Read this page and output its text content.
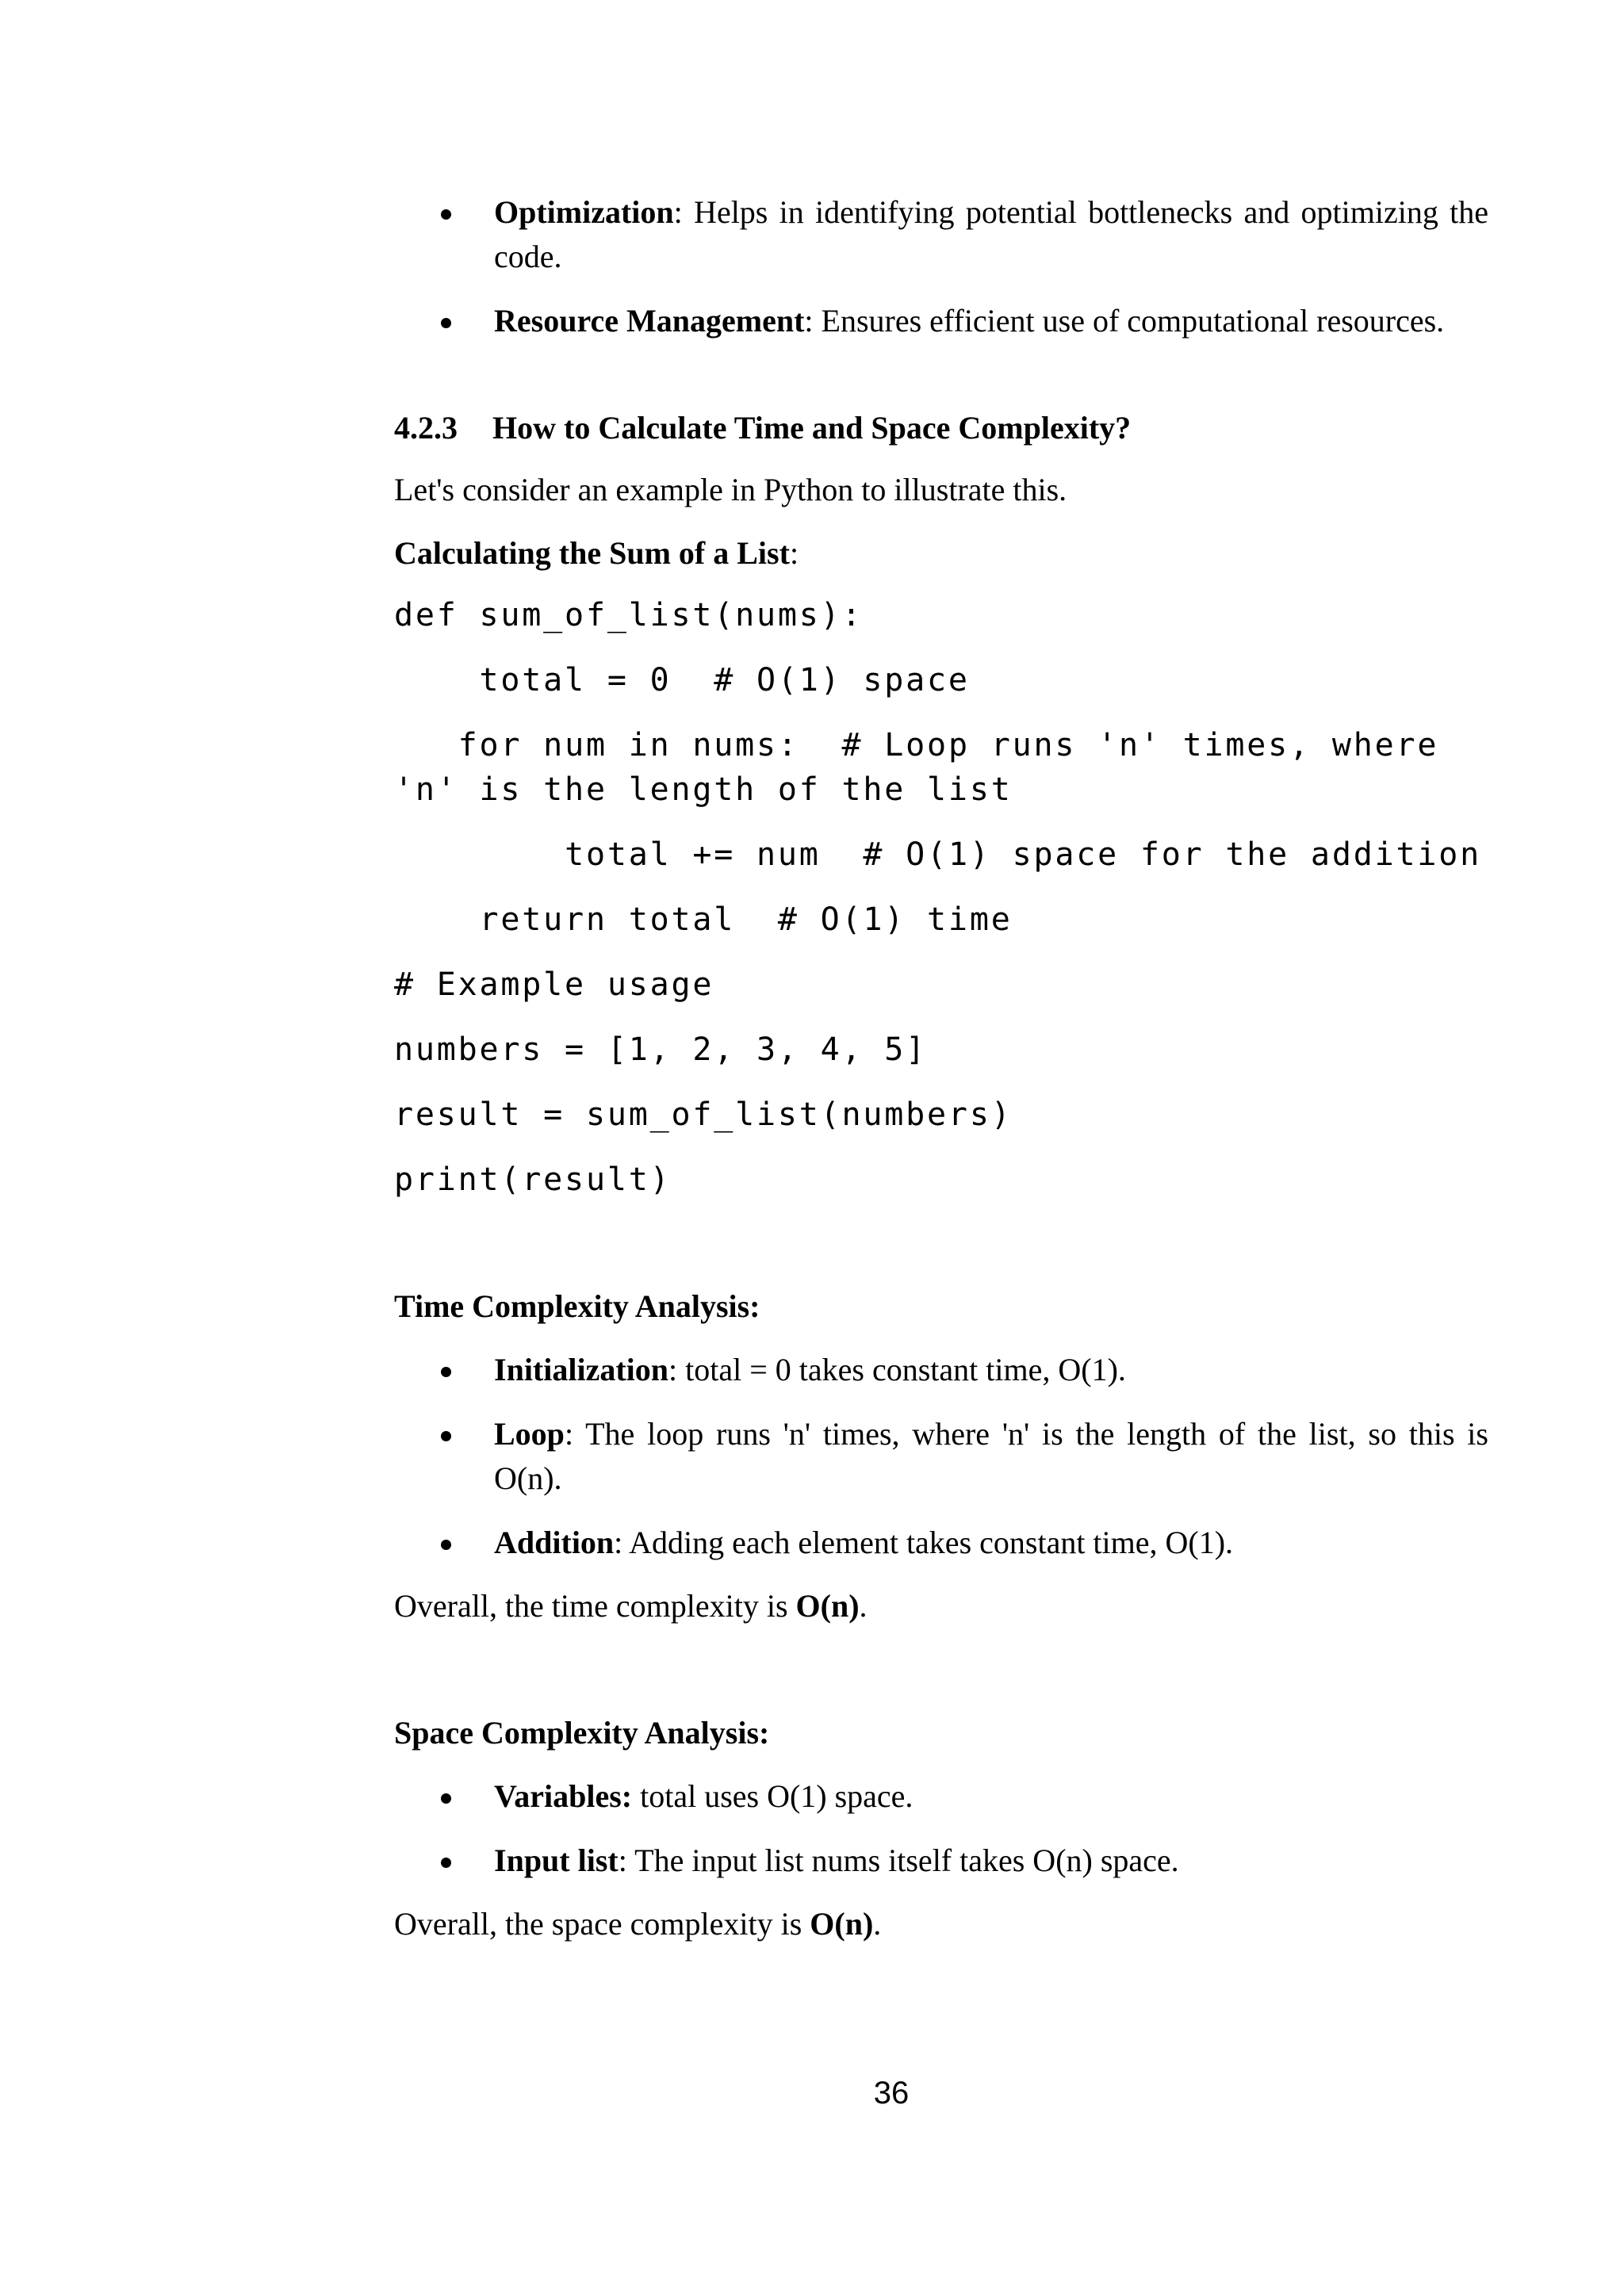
Optimization: Helps in identifying potential bottlenecks and optimizing the code.
Resource Management: Ensures efficient use of computational resources.
4.2.3 How to Calculate Time and Space Complexity?

Let's consider an example in Python to illustrate this.

Calculating the Sum of a List:

def sum_of_list(nums):
total = 0  # O(1) space
for num in nums:  # Loop runs 'n' times, where 'n' is the length of the list
total += num  # O(1) space for the addition
return total  # O(1) time
# Example usage
numbers = [1, 2, 3, 4, 5]
result = sum_of_list(numbers)
print(result)
Time Complexity Analysis:
Initialization: total = 0 takes constant time, O(1).
Loop: The loop runs 'n' times, where 'n' is the length of the list, so this is O(n).
Addition: Adding each element takes constant time, O(1).

Overall, the time complexity is O(n).

Space Complexity Analysis:
Variables: total uses O(1) space.
Input list: The input list nums itself takes O(n) space.

Overall, the space complexity is O(n).

36
